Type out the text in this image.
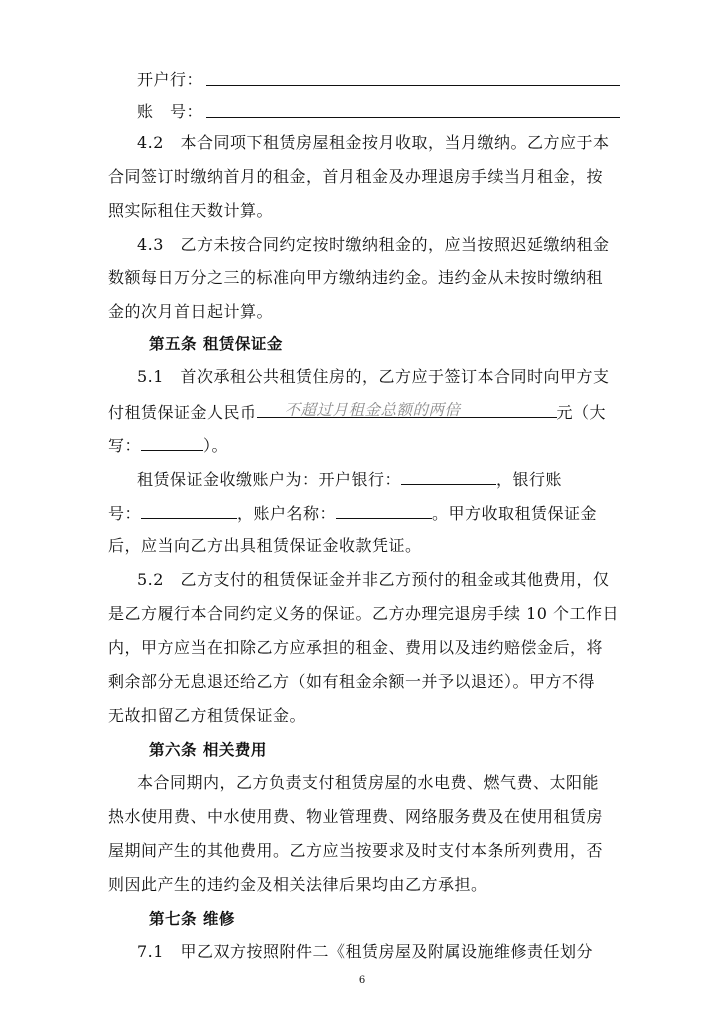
开户行：
账　号：
4.2　本合同项下租赁房屋租金按月收取，当月缴纳。乙方应于本
合同签订时缴纳首月的租金，首月租金及办理退房手续当月租金，按
照实际租住天数计算。
4.3　乙方未按合同约定按时缴纳租金的，应当按照迟延缴纳租金
数额每日万分之三的标准向甲方缴纳违约金。违约金从未按时缴纳租
金的次月首日起计算。
第五条 租赁保证金
5.1　首次承租公共租赁住房的，乙方应于签订本合同时向甲方支
付租赁保证金人民币 不超过月租金总额的两倍	元（大
写：	）。
租赁保证金收缴账户为：开户银行：	，银行账
号：	，账户名称：	。甲方收取租赁保证金
后，应当向乙方出具租赁保证金收款凭证。
5.2　乙方支付的租赁保证金并非乙方预付的租金或其他费用，仅
是乙方履行本合同约定义务的保证。乙方办理完退房手续 10 个工作日
内，甲方应当在扣除乙方应承担的租金、费用以及违约赔偿金后，将
剩余部分无息退还给乙方（如有租金余额一并予以退还）。甲方不得
无故扣留乙方租赁保证金。
第六条 相关费用
本合同期内，乙方负责支付租赁房屋的水电费、燃气费、太阳能
热水使用费、中水使用费、物业管理费、网络服务费及在使用租赁房
屋期间产生的其他费用。乙方应当按要求及时支付本条所列费用，否
则因此产生的违约金及相关法律后果均由乙方承担。
第七条 维修
7.1　甲乙双方按照附件二《租赁房屋及附属设施维修责任划分
6
